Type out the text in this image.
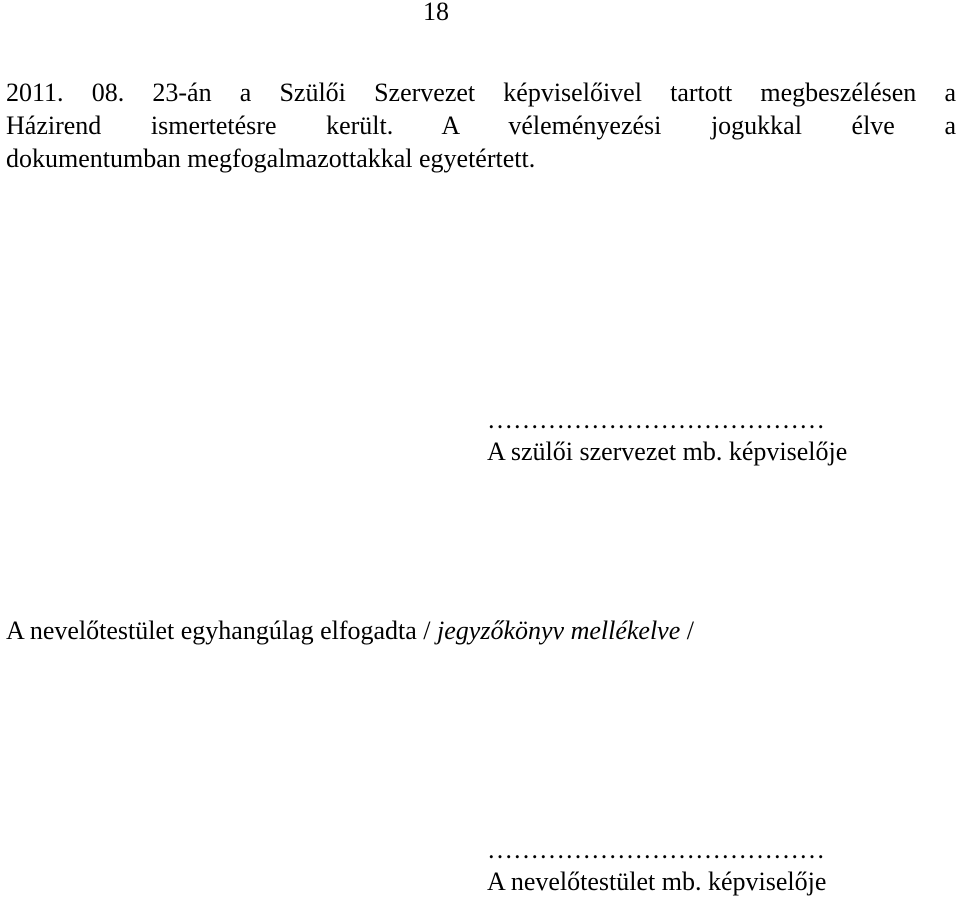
18
2011. 08. 23-án a Szülői Szervezet képviselőivel tartott megbeszélésen a
Házirend ismertetésre került. A véleményezési jogukkal élve a
dokumentumban megfogalmazottakkal egyetértett.
…………………………………
A szülői szervezet mb. képviselője
A nevelőtestület egyhangúlag elfogadta / jegyzőkönyv mellékelve /
…………………………………
A nevelőtestület mb. képviselője
